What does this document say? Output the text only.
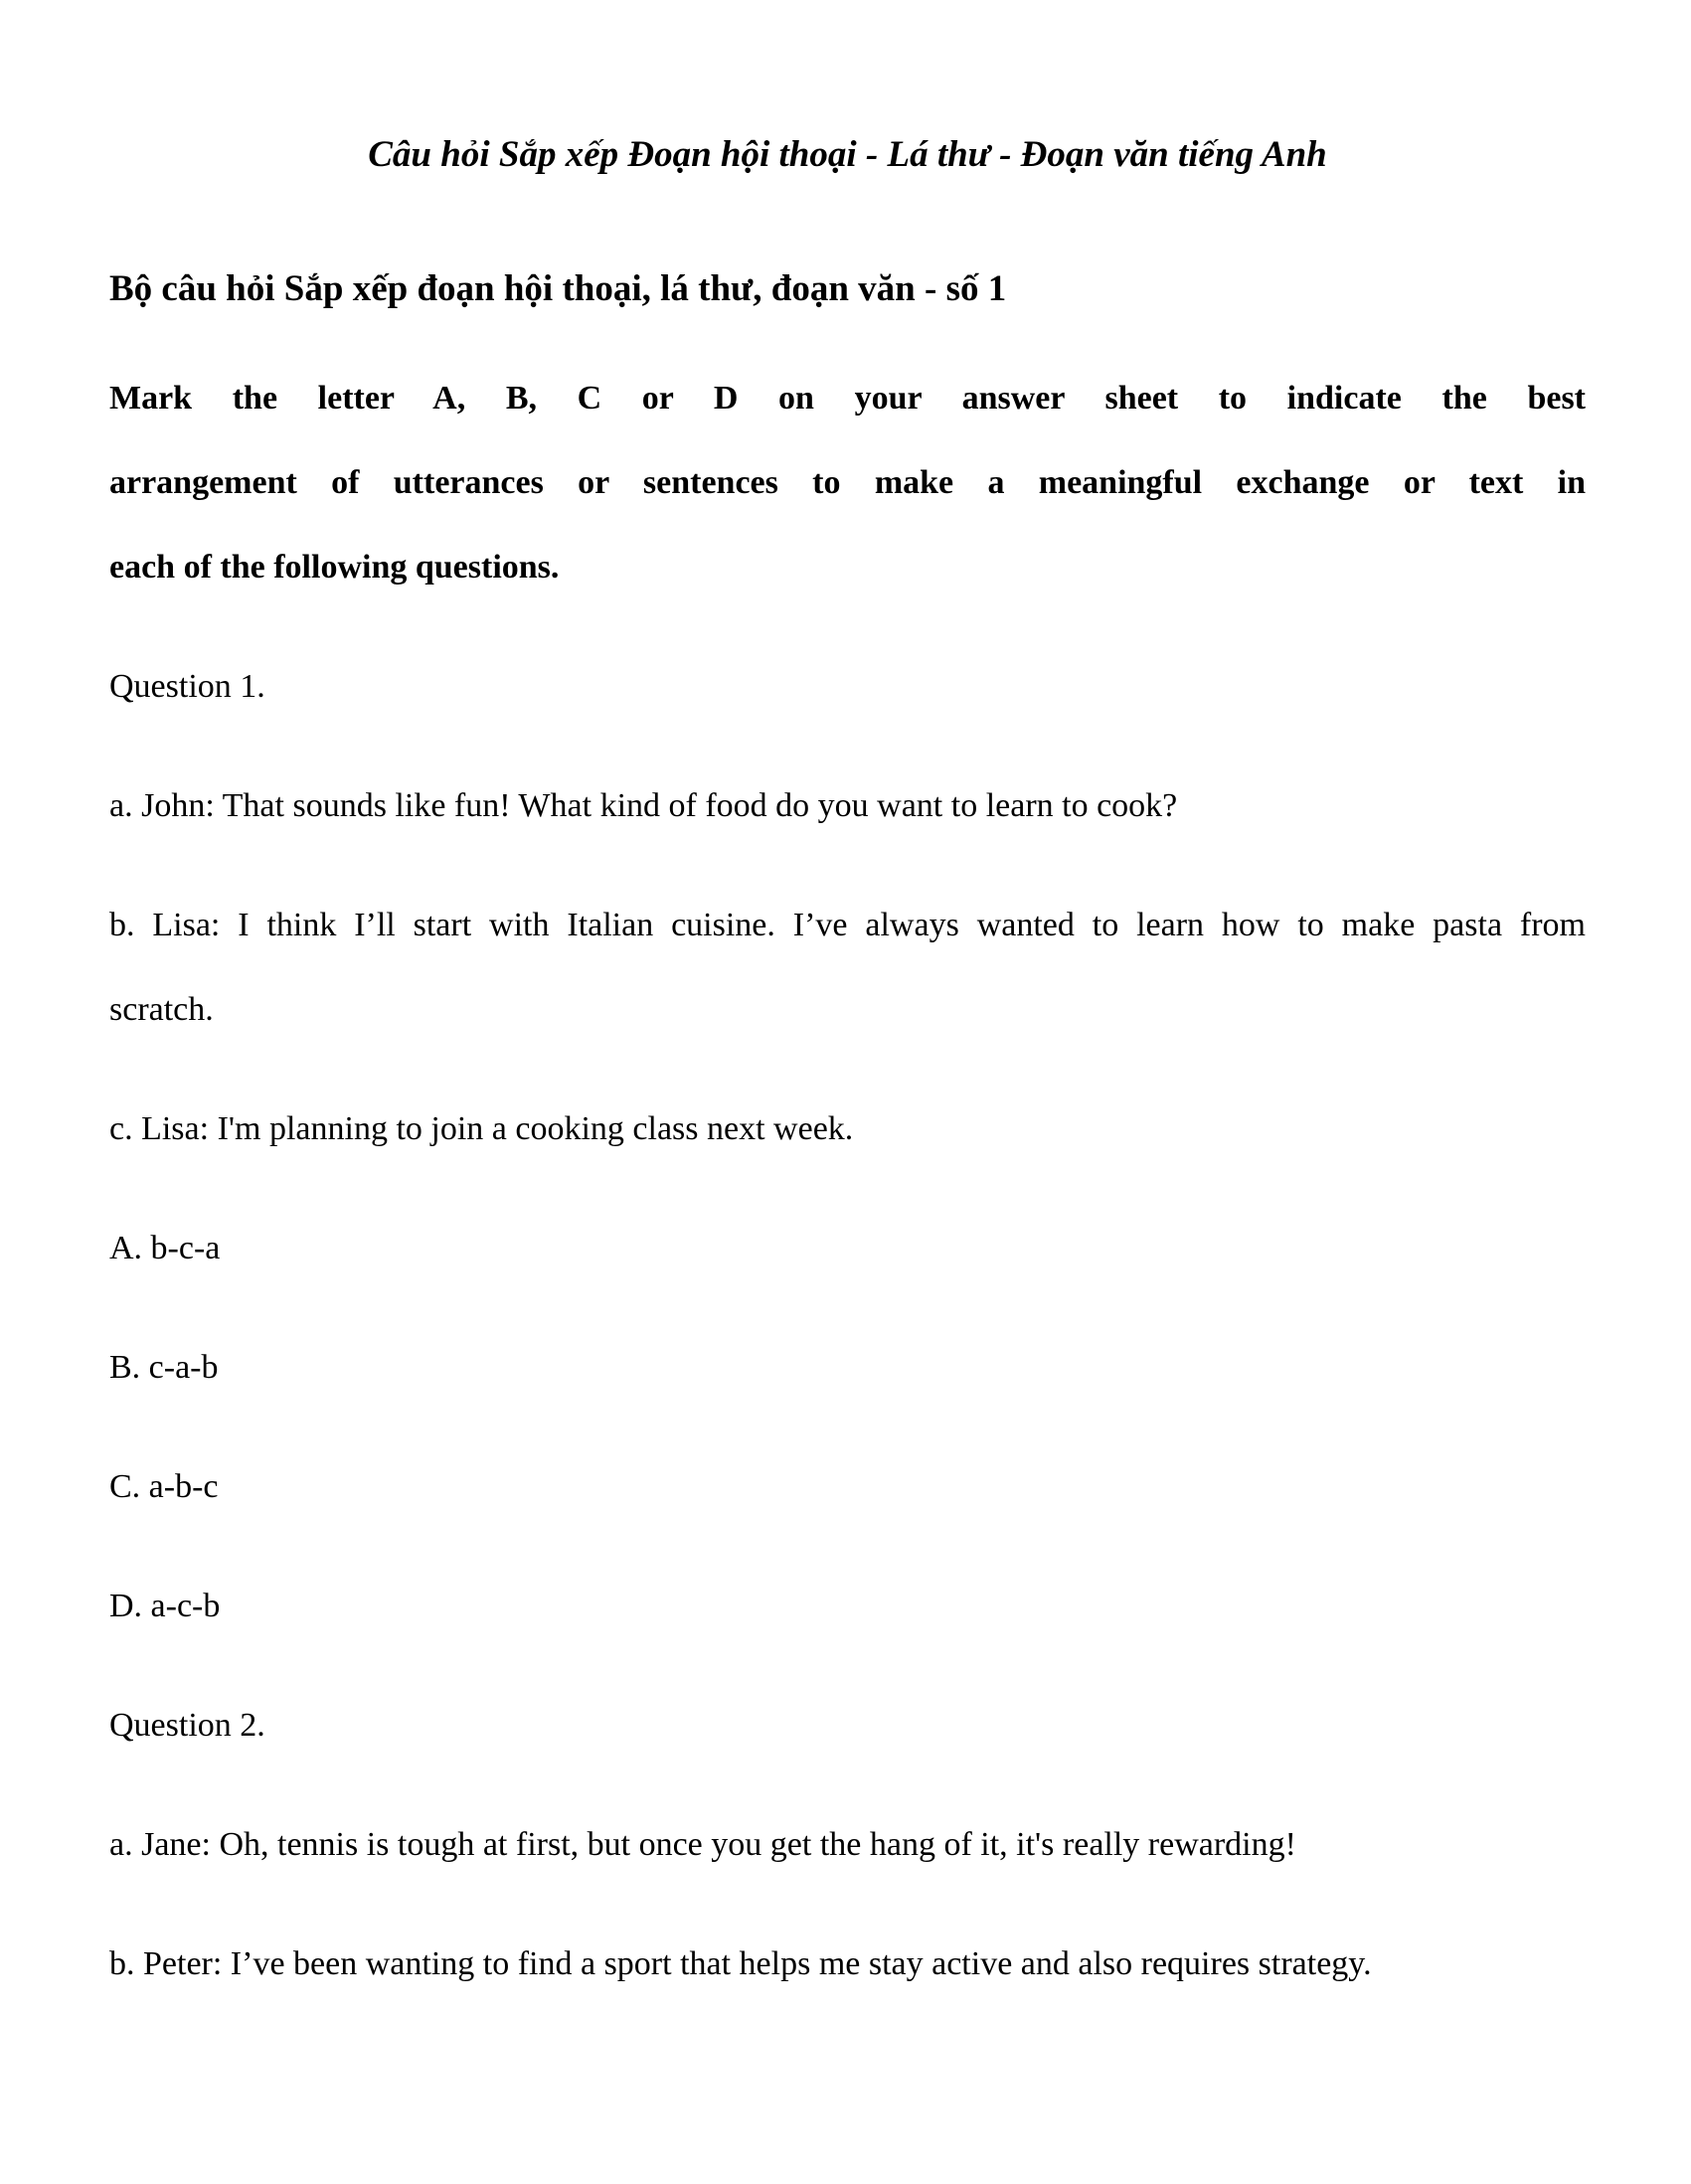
Câu hỏi Sắp xếp Đoạn hội thoại - Lá thư - Đoạn văn tiếng Anh
Bộ câu hỏi Sắp xếp đoạn hội thoại, lá thư, đoạn văn - số 1
Mark the letter A, B, C or D on your answer sheet to indicate the best
arrangement of utterances or sentences to make a meaningful exchange or text in
each of the following questions.
Question 1.
a. John: That sounds like fun! What kind of food do you want to learn to cook?
b. Lisa: I think I’ll start with Italian cuisine. I’ve always wanted to learn how to make pasta from
scratch.
c. Lisa: I'm planning to join a cooking class next week.
A. b-c-a
B. c-a-b
C. a-b-c
D. a-c-b
Question 2.
a. Jane: Oh, tennis is tough at first, but once you get the hang of it, it's really rewarding!
b. Peter: I’ve been wanting to find a sport that helps me stay active and also requires strategy.
